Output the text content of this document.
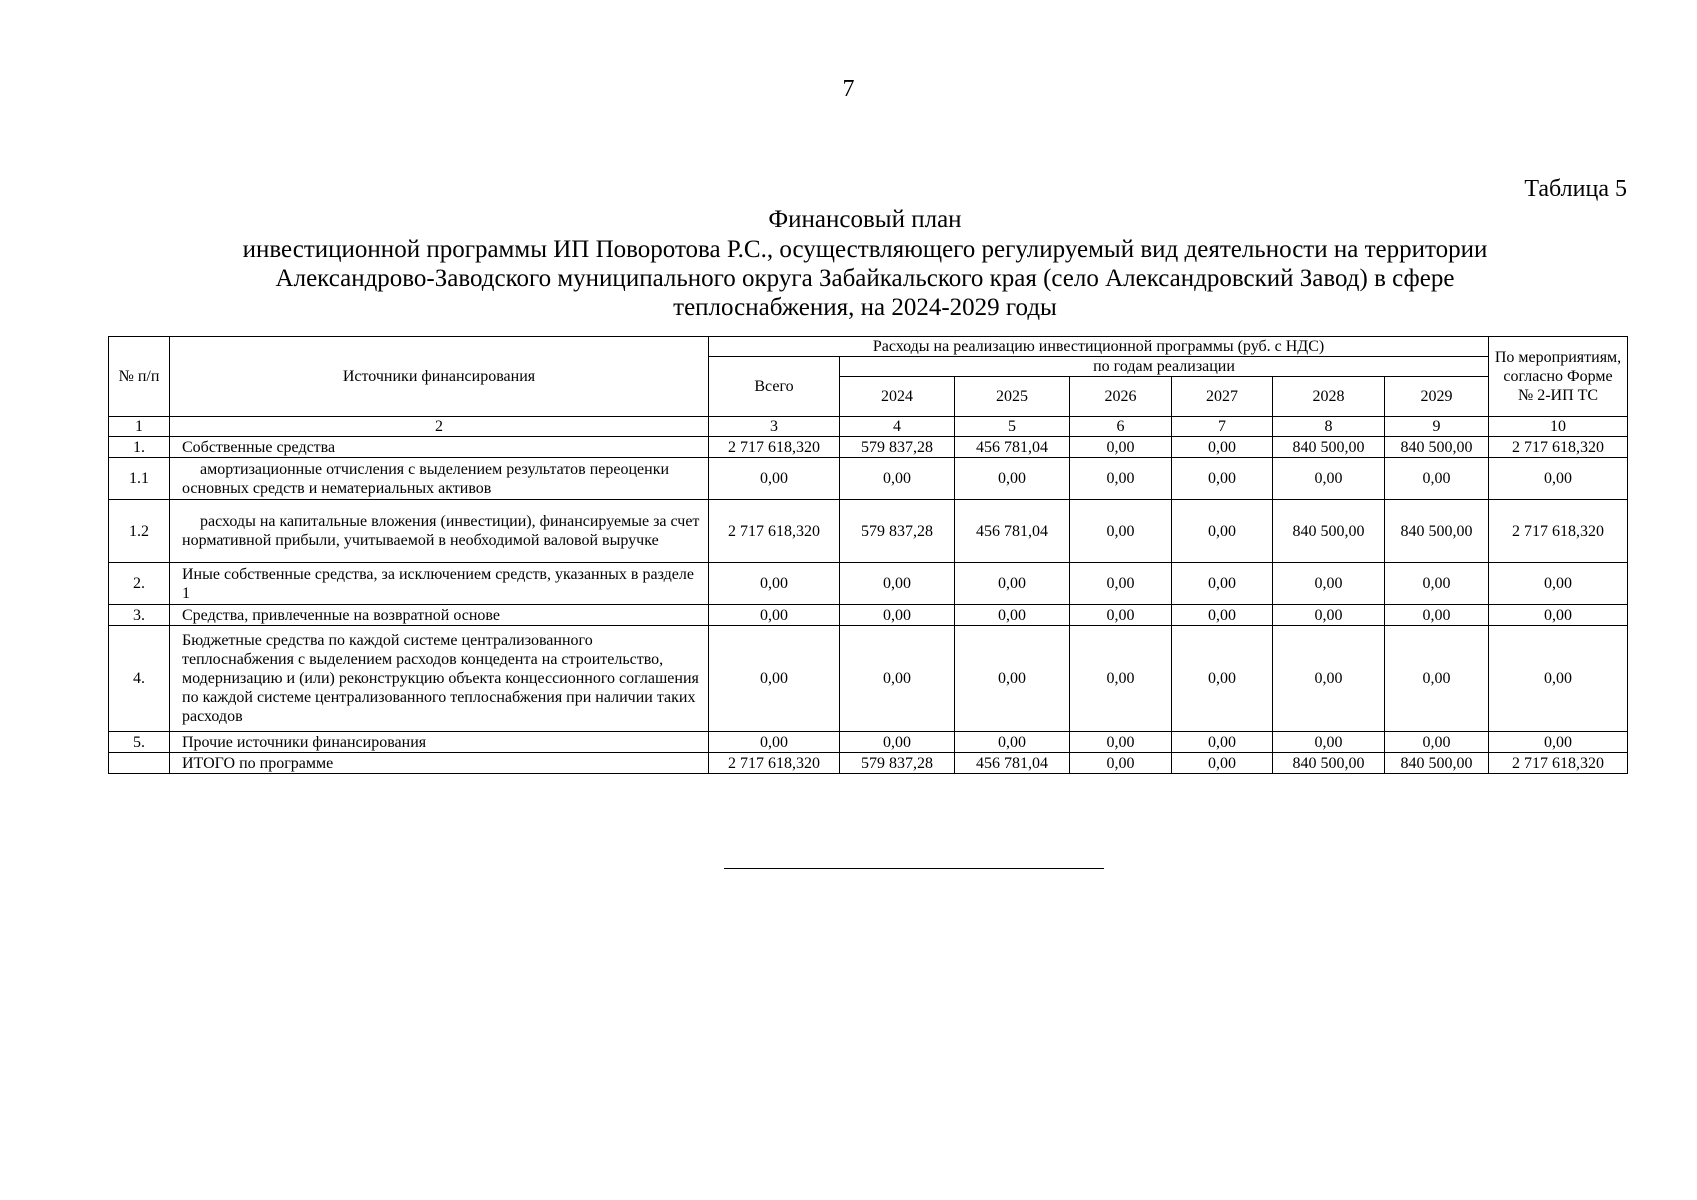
7
Таблица 5
Финансовый план
инвестиционной программы ИП Поворотова Р.С., осуществляющего регулируемый вид деятельности на территории
Александрово-Заводского муниципального округа Забайкальского края (село Александровский Завод) в сфере
теплоснабжения, на 2024-2029 годы
№ п/п	Источники финансирования	Расходы на реализацию инвестиционной программы (руб. с НДС)							По мероприятиям, согласно Форме № 2-ИП ТС
		Всего	по годам реализации						
			2024	2025	2026	2027	2028	2029	
1	2	3	4	5	6	7	8	9	10
1.	Собственные средства	2 717 618,320	579 837,28	456 781,04	0,00	0,00	840 500,00	840 500,00	2 717 618,320
1.1	амортизационные отчисления с выделением результатов переоценки основных средств и нематериальных активов	0,00	0,00	0,00	0,00	0,00	0,00	0,00	0,00
1.2	расходы на капитальные вложения (инвестиции), финансируемые за счет нормативной прибыли, учитываемой в необходимой валовой выручке	2 717 618,320	579 837,28	456 781,04	0,00	0,00	840 500,00	840 500,00	2 717 618,320
2.	Иные собственные средства, за исключением средств, указанных в разделе 1	0,00	0,00	0,00	0,00	0,00	0,00	0,00	0,00
3.	Средства, привлеченные на возвратной основе	0,00	0,00	0,00	0,00	0,00	0,00	0,00	0,00
4.	Бюджетные средства по каждой системе централизованного теплоснабжения с выделением расходов концедента на строительство, модернизацию и (или) реконструкцию объекта концессионного соглашения по каждой системе централизованного теплоснабжения при наличии таких расходов	0,00	0,00	0,00	0,00	0,00	0,00	0,00	0,00
5.	Прочие источники финансирования	0,00	0,00	0,00	0,00	0,00	0,00	0,00	0,00
	ИТОГО по программе	2 717 618,320	579 837,28	456 781,04	0,00	0,00	840 500,00	840 500,00	2 717 618,320
